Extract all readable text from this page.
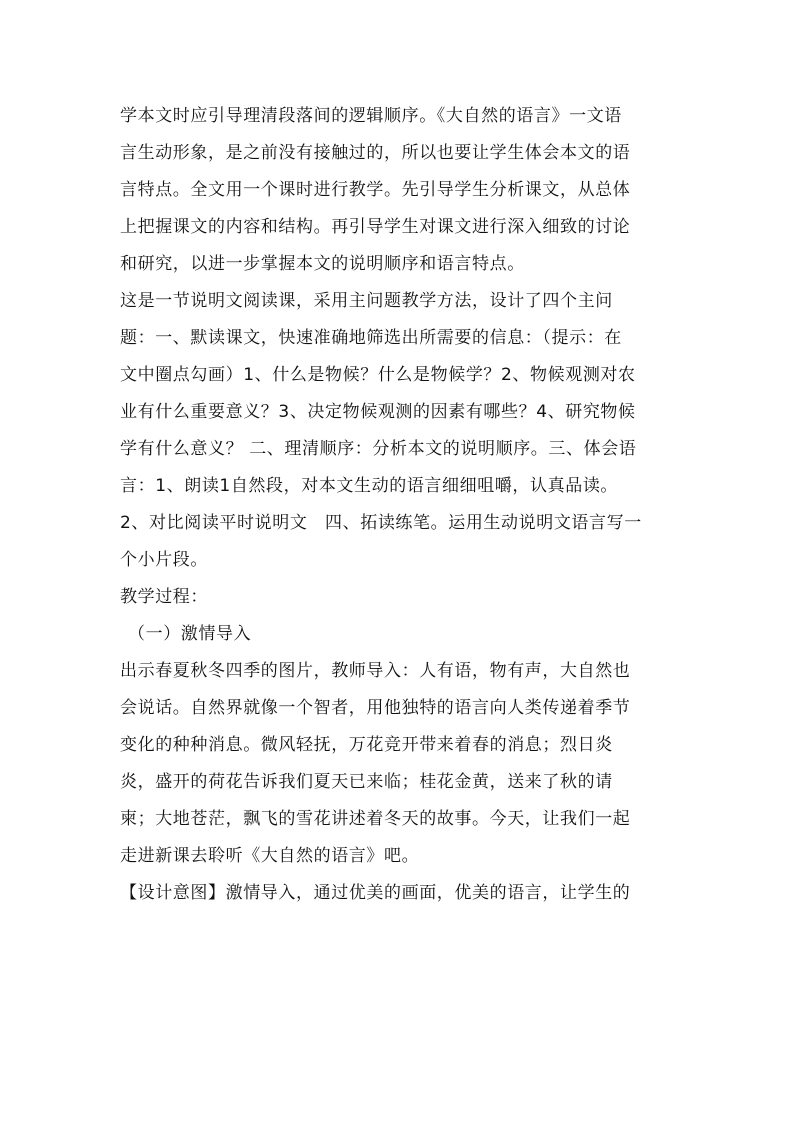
学本文时应引导理清段落间的逻辑顺序。《大自然的语言》一文语
言生动形象，是之前没有接触过的，所以也要让学生体会本文的语
言特点。全文用一个课时进行教学。先引导学生分析课文，从总体
上把握课文的内容和结构。再引导学生对课文进行深入细致的讨论
和研究，以进一步掌握本文的说明顺序和语言特点。
这是一节说明文阅读课，采用主问题教学方法，设计了四个主问
题：一、默读课文，快速准确地筛选出所需要的信息：（提示：在
文中圈点勾画）1、什么是物候？什么是物候学？2、物候观测对农
业有什么重要意义？3、决定物候观测的因素有哪些？4、研究物候
学有什么意义？ 二、理清顺序：分析本文的说明顺序。三、体会语
言：1、朗读1自然段，对本文生动的语言细细咀嚼，认真品读。
2、对比阅读平时说明文　四、拓读练笔。运用生动说明文语言写一
个小片段。
教学过程：
（一）激情导入
出示春夏秋冬四季的图片，教师导入：人有语，物有声，大自然也
会说话。自然界就像一个智者，用他独特的语言向人类传递着季节
变化的种种消息。微风轻抚，万花竞开带来着春的消息；烈日炎
炎，盛开的荷花告诉我们夏天已来临；桂花金黄，送来了秋的请
柬；大地苍茫，飘飞的雪花讲述着冬天的故事。今天，让我们一起
走进新课去聆听《大自然的语言》吧。
【设计意图】激情导入，通过优美的画面，优美的语言，让学生的
